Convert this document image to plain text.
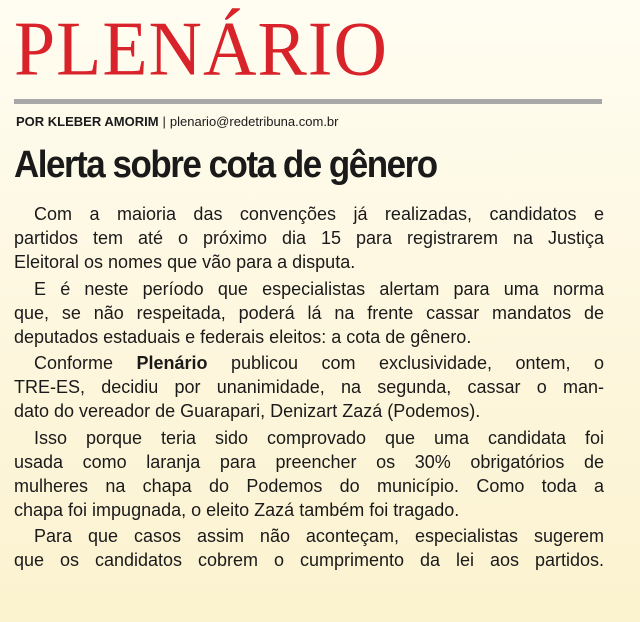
PLENÁRIO
POR KLEBER AMORIM | plenario@redetribuna.com.br
Alerta sobre cota de gênero
Com a maioria das convenções já realizadas, candidatos e
partidos tem até o próximo dia 15 para registrarem na Justiça
Eleitoral os nomes que vão para a disputa.
E é neste período que especialistas alertam para uma norma
que, se não respeitada, poderá lá na frente cassar mandatos de
deputados estaduais e federais eleitos: a cota de gênero.
Conforme Plenário publicou com exclusividade, ontem, o
TRE-ES, decidiu por unanimidade, na segunda, cassar o man-
dato do vereador de Guarapari, Denizart Zazá (Podemos).
Isso porque teria sido comprovado que uma candidata foi
usada como laranja para preencher os 30% obrigatórios de
mulheres na chapa do Podemos do município. Como toda a
chapa foi impugnada, o eleito Zazá também foi tragado.
Para que casos assim não aconteçam, especialistas sugerem
que os candidatos cobrem o cumprimento da lei aos partidos.
